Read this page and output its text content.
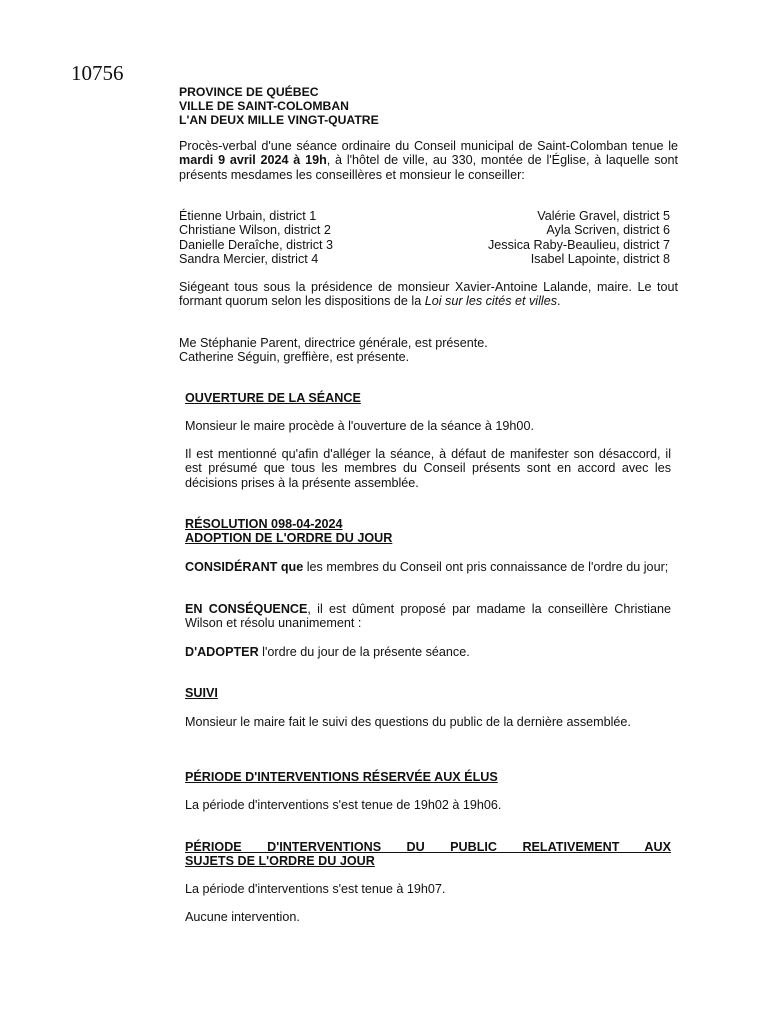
10756
PROVINCE DE QUÉBEC
VILLE DE SAINT-COLOMBAN
L'AN DEUX MILLE VINGT-QUATRE

Procès-verbal d'une séance ordinaire du Conseil municipal de Saint-Colomban tenue le mardi 9 avril 2024 à 19h, à l'hôtel de ville, au 330, montée de l'Église, à laquelle sont présents mesdames les conseillères et monsieur le conseiller:

Étienne Urbain, district 1	Valérie Gravel, district 5
Christiane Wilson, district 2	Ayla Scriven, district 6
Danielle Deraîche, district 3	Jessica Raby-Beaulieu, district 7
Sandra Mercier, district 4	Isabel Lapointe, district 8

Siégeant tous sous la présidence de monsieur Xavier-Antoine Lalande, maire. Le tout formant quorum selon les dispositions de la Loi sur les cités et villes.

Me Stéphanie Parent, directrice générale, est présente.

Catherine Séguin, greffière, est présente.

OUVERTURE DE LA SÉANCE

Monsieur le maire procède à l'ouverture de la séance à 19h00.

Il est mentionné qu'afin d'alléger la séance, à défaut de manifester son désaccord, il est présumé que tous les membres du Conseil présents sont en accord avec les décisions prises à la présente assemblée.

RÉSOLUTION 098-04-2024

ADOPTION DE L'ORDRE DU JOUR

CONSIDÉRANT que les membres du Conseil ont pris connaissance de l'ordre du jour;

EN CONSÉQUENCE, il est dûment proposé par madame la conseillère Christiane Wilson et résolu unanimement :

D'ADOPTER l'ordre du jour de la présente séance.

SUIVI

Monsieur le maire fait le suivi des questions du public de la dernière assemblée.

PÉRIODE D'INTERVENTIONS RÉSERVÉE AUX ÉLUS

La période d'interventions s'est tenue de 19h02 à 19h06.

PÉRIODE D'INTERVENTIONS DU PUBLIC RELATIVEMENT AUX

SUJETS DE L'ORDRE DU JOUR

La période d'interventions s'est tenue à 19h07.

Aucune intervention.
